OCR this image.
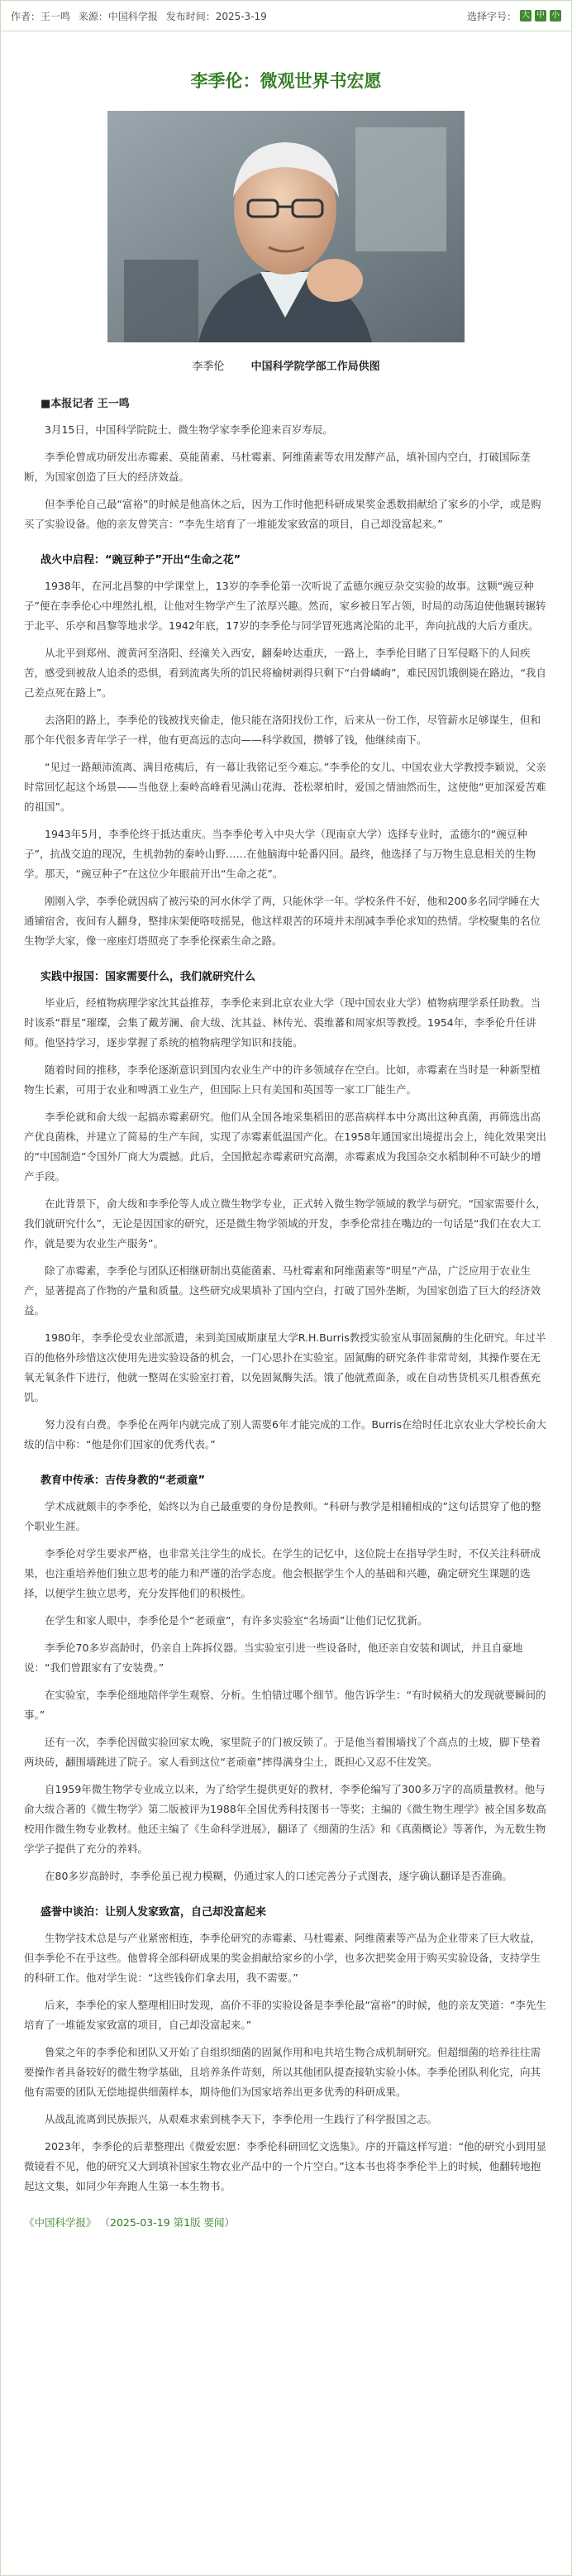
作者：王一鸣 来源：中国科学报 发布时间：2025-3-19	选择字号： 大 中 小
李季伦：微观世界书宏愿
李季伦 中国科学院学部工作局供图
■本报记者 王一鸣

3月15日，中国科学院院士、微生物学家李季伦迎来百岁寿辰。

李季伦曾成功研发出赤霉素、莫能菌素、马杜霉素、阿维菌素等农用发酵产品，填补国内空白，打破国际垄断，为国家创造了巨大的经济效益。

但李季伦自己最“富裕”的时候是他高休之后，因为工作时他把科研成果奖金悉数捐献给了家乡的小学，或是购买了实验设备。他的亲友曾笑言：“李先生培育了一堆能发家致富的项目，自己却没富起来。”

战火中启程：“豌豆种子”开出“生命之花”

1938年，在河北昌黎的中学课堂上，13岁的李季伦第一次听说了孟德尔豌豆杂交实验的故事。这颗“豌豆种子”便在李季伦心中埋然扎根，让他对生物学产生了浓厚兴趣。然而，家乡被日军占领，时局的动荡迫使他辗转辗转于北平、乐亭和昌黎等地求学。1942年底，17岁的李季伦与同学冒死逃离沦陷的北平，奔向抗战的大后方重庆。

从北平到郑州、渡黄河至洛阳、经潼关入西安，翻秦岭达重庆，一路上，李季伦目睹了日军侵略下的人间疾苦，感受到被敌人追杀的恐惧，看到流离失所的饥民将榆树剥得只剩下“白骨嶙峋”，难民因饥饿倒毙在路边，“我自己差点死在路上”。

去洛阳的路上，李季伦的钱被找夹偷走，他只能在洛阳找份工作，后来从一份工作，尽管薪水足够谋生，但和那个年代很多青年学子一样，他有更高远的志向——科学救国，攒够了钱，他继续南下。

“见过一路颠沛流离、满目疮痍后，有一幕让我铭记至今难忘。”李季伦的女儿、中国农业大学教授李颖说，父亲时常回忆起这个场景——当他登上秦岭高峰看见满山花海、苍松翠柏时，爱国之情油然而生，这使他“更加深爱苦难的祖国”。

1943年5月，李季伦终于抵达重庆。当李季伦考入中央大学（现南京大学）选择专业时，孟德尔的“豌豆种子”，抗战交迫的现况，生机勃勃的秦岭山野……在他脑海中轮番闪回。最终，他选择了与万物生息息相关的生物学。那天，“豌豆种子”在这位少年眼前开出“生命之花”。

刚刚入学，李季伦就因病了被污染的河水休学了两，只能休学一年。学校条件不好，他和200多名同学睡在大通铺宿舍，夜间有人翻身，整排床架便咯吱摇晃，他这样艰苦的环境并未削减李季伦求知的热情。学校聚集的名位生物学大家，像一座座灯塔照亮了李季伦探索生命之路。

实践中报国：国家需要什么，我们就研究什么

毕业后，经植物病理学家沈其益推荐，李季伦来到北京农业大学（现中国农业大学）植物病理学系任助教。当时该系“群星”璀璨，会集了戴芳澜、俞大绂、沈其益、林传光、裘维蕃和周家炽等教授。1954年，李季伦升任讲师。他坚持学习，逐步掌握了系统的植物病理学知识和技能。

随着时间的推移，李季伦逐渐意识到国内农业生产中的许多领域存在空白。比如，赤霉素在当时是一种新型植物生长素，可用于农业和啤酒工业生产，但国际上只有美国和英国等一家工厂能生产。

李季伦就和俞大绂一起搞赤霉素研究。他们从全国各地采集稻田的恶苗病样本中分离出这种真菌，再筛选出高产优良菌株，并建立了简易的生产车间，实现了赤霉素低温国产化。在1958年通国家出境提出会上，纯化效果突出的“中国制造”令国外厂商大为震撼。此后，全国掀起赤霉素研究高潮，赤霉素成为我国杂交水稻制种不可缺少的增产手段。

在此背景下，俞大绂和李季伦等人成立微生物学专业，正式转入微生物学领域的教学与研究。“国家需要什么，我们就研究什么”，无论是因国家的研究，还是微生物学领域的开发，李季伦常挂在嘴边的一句话是“我们在农大工作，就是要为农业生产服务”。

除了赤霉素，李季伦与团队还相继研制出莫能菌素、马杜霉素和阿维菌素等“明星”产品，广泛应用于农业生产，显著提高了作物的产量和质量。这些研究成果填补了国内空白，打破了国外垄断，为国家创造了巨大的经济效益。

1980年，李季伦受农业部派遣，来到美国威斯康星大学R.H.Burris教授实验室从事固氮酶的生化研究。年过半百的他格外珍惜这次使用先进实验设备的机会，一门心思扑在实验室。固氮酶的研究条件非常苛刻，其操作要在无氧无氧条件下进行，他就一整周在实验室打着，以免固氮酶失活。饿了他就煮面条，或在自动售货机买几根香蕉充饥。

努力没有白费。李季伦在两年内就完成了别人需要6年才能完成的工作。Burris在给时任北京农业大学校长俞大绂的信中称：“他是你们国家的优秀代表。”

教育中传承：吉传身教的“老顽童”

学术成就颇丰的李季伦，始终以为自己最重要的身份是教师。“科研与教学是相辅相成的”这句话贯穿了他的整个职业生涯。

李季伦对学生要求严格，也非常关注学生的成长。在学生的记忆中，这位院士在指导学生时，不仅关注科研成果，也注重培养他们独立思考的能力和严谨的治学态度。他会根据学生个人的基础和兴趣，确定研究生课题的选择，以便学生独立思考，充分发挥他们的积极性。

在学生和家人眼中，李季伦是个“老顽童”，有许多实验室“名场面”让他们记忆犹新。

李季伦70多岁高龄时，仍亲自上阵拆仪器。当实验室引进一些设备时，他还亲自安装和调试，并且自豪地说：“我们曾跟家有了安装费。”

在实验室，李季伦细地陪伴学生观察、分析。生怕错过哪个细节。他告诉学生：“有时候稍大的发现就要瞬间的事。”

还有一次，李季伦因做实验回家太晚，家里院子的门被反锁了。于是他当着围墙找了个高点的土坡，脚下垫着两块砖，翻围墙跳进了院子。家人看到这位“老顽童”摔得满身尘土，既担心又忍不住发笑。

自1959年微生物学专业成立以来，为了给学生提供更好的教材，李季伦编写了300多万字的高质量教材。他与俞大绂合著的《微生物学》第二版被评为1988年全国优秀科技图书一等奖；主编的《微生物生理学》被全国多数高校用作微生物专业教材。他还主编了《生命科学进展》，翻译了《细菌的生活》和《真菌概论》等著作，为无数生物学学子提供了充分的养料。

在80多岁高龄时，李季伦虽已视力模糊，仍通过家人的口述完善分子式图表，逐字确认翻译是否准确。

盛誉中谈泊：让别人发家致富，自己却没富起来

生物学技术总是与产业紧密相连，李季伦研究的赤霉素、马杜霉素、阿维菌素等产品为企业带来了巨大收益，但李季伦不在乎这些。他曾将全部科研成果的奖金捐献给家乡的小学，也多次把奖金用于购买实验设备，支持学生的科研工作。他对学生说：“这些钱你们拿去用，我不需要。”

后来，李季伦的家人整理相旧时发现，高价不菲的实验设备是李季伦最“富裕”的时候，他的亲友笑道：“李先生培育了一堆能发家致富的项目，自己却没富起来。”

鲁棠之年的李季伦和团队又开始了自组织细菌的固氮作用和电共培生物合成机制研究。但超细菌的培养往往需要操作者具备较好的微生物学基础，且培养条件苛刻，所以其他团队提查接轨实验小体。李季伦团队利化完，向其他有需要的团队无偿地提供细菌样本，期待他们为国家培养出更多优秀的科研成果。

从战乱流离到民族振兴，从艰难求索到桃李天下，李季伦用一生践行了科学报国之志。

2023年，李季伦的后辈整理出《微爱宏愿：李季伦科研回忆文选集》。序的开篇这样写道：“他的研究小到用显微镜看不见，他的研究又大到填补国家生物农业产品中的一个片空白。”这本书也将李季伦半上的时候，他翻转地抱起这文集，如同少年奔跑人生第一本生物书。

《中国科学报》 （2025-03-19 第1版 要闻）
